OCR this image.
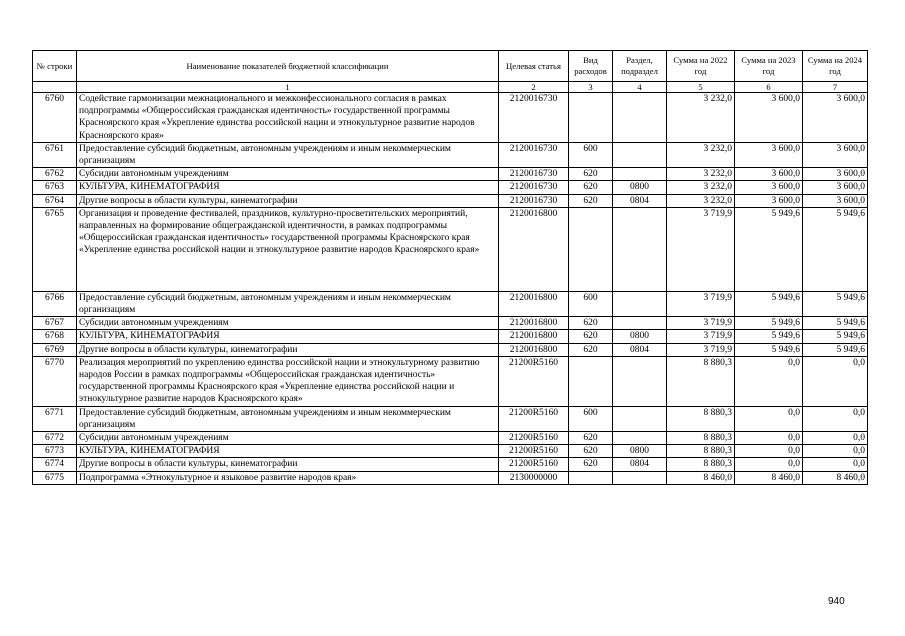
№ строки	Наименование показателей бюджетной классификации	Целевая статья	Вид расходов	Раздел, подраздел	Сумма на 2022 год	Сумма на 2023 год	Сумма на 2024 год
	1	2	3	4	5	6	7
6760	Содействие гармонизации межнационального и межконфессионального согласия в рамках подпрограммы «Общероссийская гражданская идентичность» государственной программы Красноярского края «Укрепление единства российской нации и этнокультурное развитие народов Красноярского края»	2120016730			3 232,0	3 600,0	3 600,0
6761	Предоставление субсидий бюджетным, автономным учреждениям и иным некоммерческим организациям	2120016730	600		3 232,0	3 600,0	3 600,0
6762	Субсидии автономным учреждениям	2120016730	620		3 232,0	3 600,0	3 600,0
6763	КУЛЬТУРА, КИНЕМАТОГРАФИЯ	2120016730	620	0800	3 232,0	3 600,0	3 600,0
6764	Другие вопросы в области культуры, кинематографии	2120016730	620	0804	3 232,0	3 600,0	3 600,0
6765	Организация и проведение фестивалей, праздников, культурно-просветительских мероприятий, направленных на формирование общегражданской идентичности, в рамках подпрограммы «Общероссийская гражданская идентичность» государственной программы Красноярского края «Укрепление единства российской нации и этнокультурное развитие народов Красноярского края»	2120016800			3 719,9	5 949,6	5 949,6
6766	Предоставление субсидий бюджетным, автономным учреждениям и иным некоммерческим организациям	2120016800	600		3 719,9	5 949,6	5 949,6
6767	Субсидии автономным учреждениям	2120016800	620		3 719,9	5 949,6	5 949,6
6768	КУЛЬТУРА, КИНЕМАТОГРАФИЯ	2120016800	620	0800	3 719,9	5 949,6	5 949,6
6769	Другие вопросы в области культуры, кинематографии	2120016800	620	0804	3 719,9	5 949,6	5 949,6
6770	Реализация мероприятий по укреплению единства российской нации и этнокультурному развитию народов России в рамках подпрограммы «Общероссийская гражданская идентичность» государственной программы Красноярского края «Укрепление единства российской нации и этнокультурное развитие народов Красноярского края»	21200R5160			8 880,3	0,0	0,0
6771	Предоставление субсидий бюджетным, автономным учреждениям и иным некоммерческим организациям	21200R5160	600		8 880,3	0,0	0,0
6772	Субсидии автономным учреждениям	21200R5160	620		8 880,3	0,0	0,0
6773	КУЛЬТУРА, КИНЕМАТОГРАФИЯ	21200R5160	620	0800	8 880,3	0,0	0,0
6774	Другие вопросы в области культуры, кинематографии	21200R5160	620	0804	8 880,3	0,0	0,0
6775	Подпрограмма «Этнокультурное и языковое развитие народов края»	2130000000			8 460,0	8 460,0	8 460,0
940
